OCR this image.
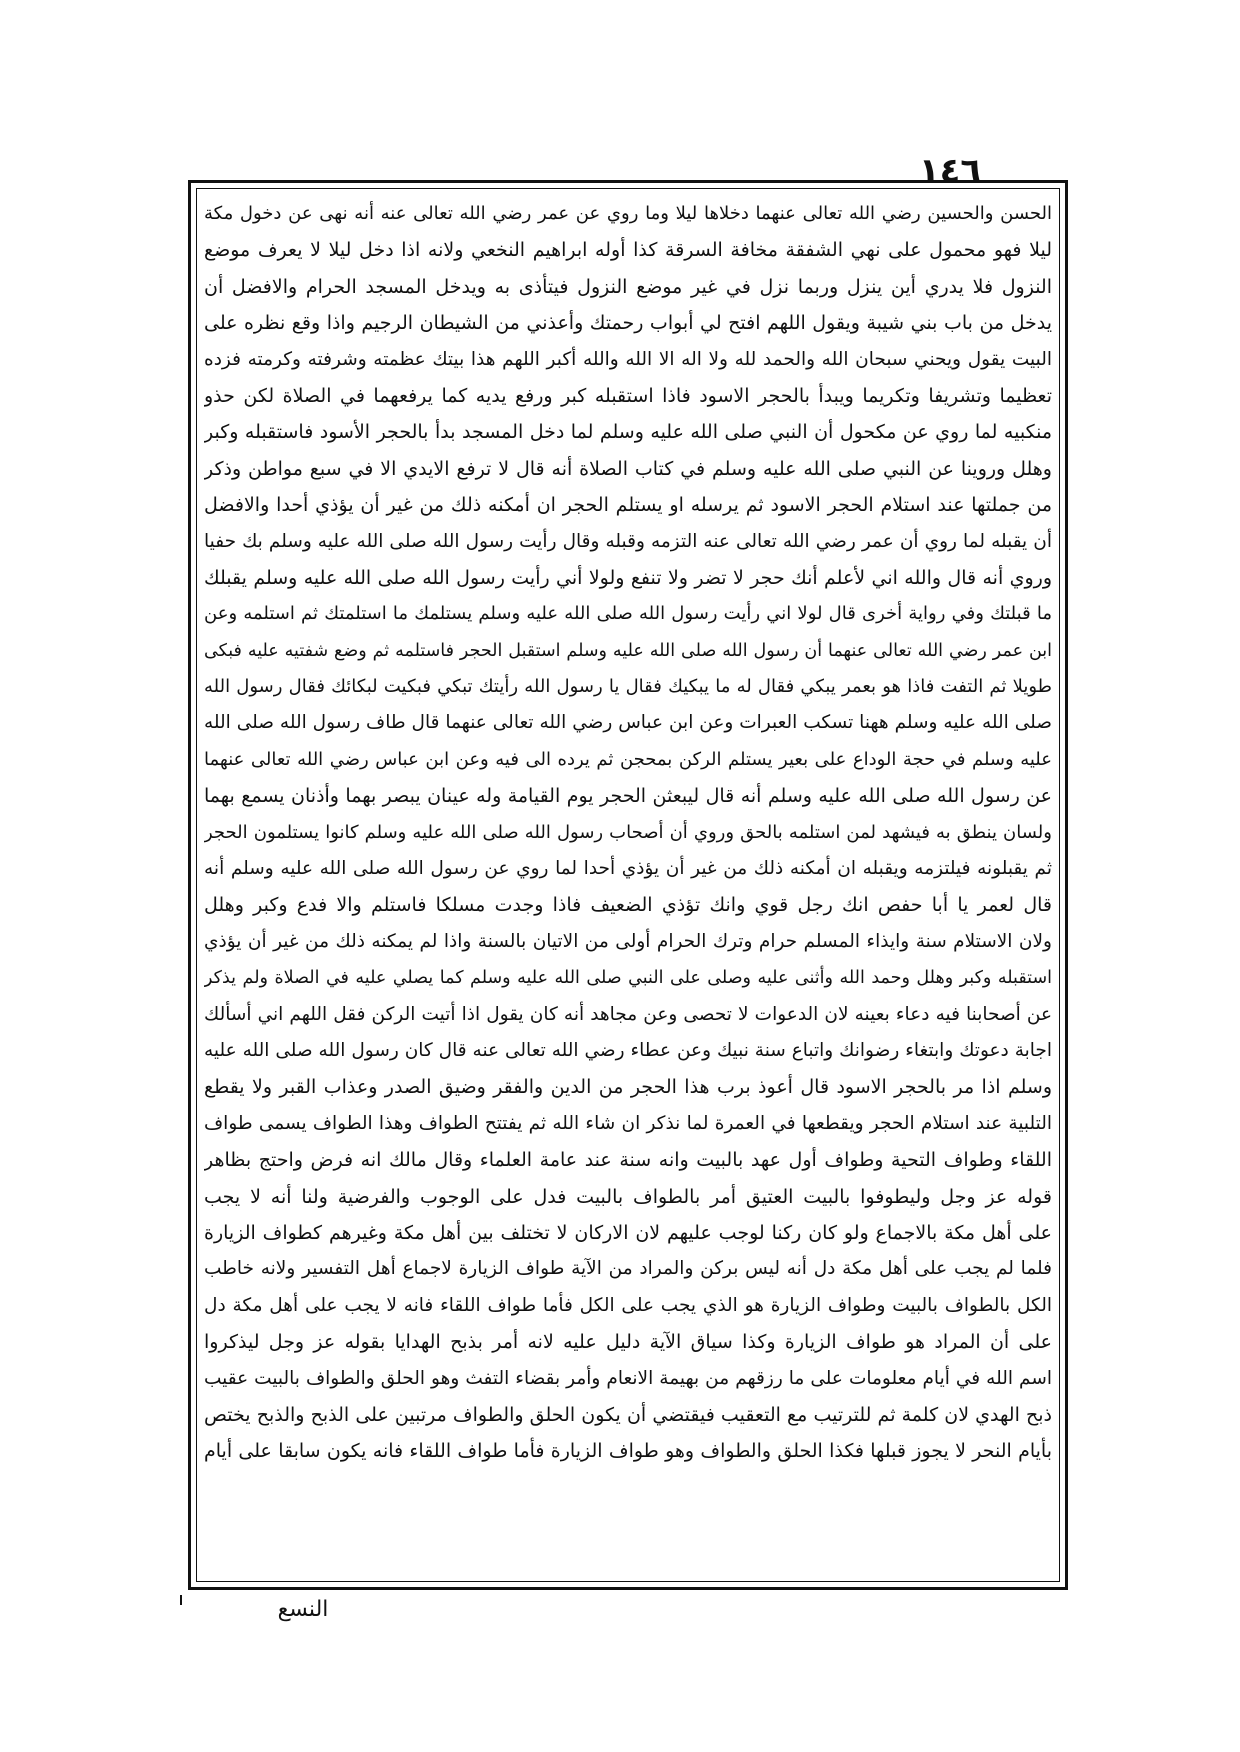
١٤٦
الحسن والحسين رضي الله تعالى عنهما دخلاها ليلا وما روي عن عمر رضي الله تعالى عنه أنه نهى عن دخول مكة
ليلا فهو محمول على نهي الشفقة مخافة السرقة كذا أوله ابراهيم النخعي ولانه اذا دخل ليلا لا يعرف موضع
النزول فلا يدري أين ينزل وربما نزل في غير موضع النزول فيتأذى به ويدخل المسجد الحرام والافضل أن
يدخل من باب بني شيبة ويقول اللهم افتح لي أبواب رحمتك وأعذني من الشيطان الرجيم واذا وقع نظره على
البيت يقول ويحني سبحان الله والحمد لله ولا اله الا الله والله أكبر اللهم هذا بيتك عظمته وشرفته وكرمته فزده
تعظيما وتشريفا وتكريما ويبدأ بالحجر الاسود فاذا استقبله كبر ورفع يديه كما يرفعهما في الصلاة لكن حذو
منكبيه لما روي عن مكحول أن النبي صلى الله عليه وسلم لما دخل المسجد بدأ بالحجر الأسود فاستقبله وكبر
وهلل وروينا عن النبي صلى الله عليه وسلم في كتاب الصلاة أنه قال لا ترفع الايدي الا في سبع مواطن وذكر
من جملتها عند استلام الحجر الاسود ثم يرسله او يستلم الحجر ان أمكنه ذلك من غير أن يؤذي أحدا والافضل
أن يقبله لما روي أن عمر رضي الله تعالى عنه التزمه وقبله وقال رأيت رسول الله صلى الله عليه وسلم بك حفيا
وروي أنه قال والله اني لأعلم أنك حجر لا تضر ولا تنفع ولولا أني رأيت رسول الله صلى الله عليه وسلم يقبلك
ما قبلتك وفي رواية أخرى قال لولا اني رأيت رسول الله صلى الله عليه وسلم يستلمك ما استلمتك ثم استلمه وعن
ابن عمر رضي الله تعالى عنهما أن رسول الله صلى الله عليه وسلم استقبل الحجر فاستلمه ثم وضع شفتيه عليه فبكى
طويلا ثم التفت فاذا هو بعمر يبكي فقال له ما يبكيك فقال يا رسول الله رأيتك تبكي فبكيت لبكائك فقال رسول الله
صلى الله عليه وسلم ههنا تسكب العبرات وعن ابن عباس رضي الله تعالى عنهما قال طاف رسول الله صلى الله
عليه وسلم في حجة الوداع على بعير يستلم الركن بمحجن ثم يرده الى فيه وعن ابن عباس رضي الله تعالى عنهما
عن رسول الله صلى الله عليه وسلم أنه قال ليبعثن الحجر يوم القيامة وله عينان يبصر بهما وأذنان يسمع بهما
ولسان ينطق به فيشهد لمن استلمه بالحق وروي أن أصحاب رسول الله صلى الله عليه وسلم كانوا يستلمون الحجر
ثم يقبلونه فيلتزمه ويقبله ان أمكنه ذلك من غير أن يؤذي أحدا لما روي عن رسول الله صلى الله عليه وسلم أنه
قال لعمر يا أبا حفص انك رجل قوي وانك تؤذي الضعيف فاذا وجدت مسلكا فاستلم والا فدع وكبر وهلل
ولان الاستلام سنة وايذاء المسلم حرام وترك الحرام أولى من الاتيان بالسنة واذا لم يمكنه ذلك من غير أن يؤذي
استقبله وكبر وهلل وحمد الله وأثنى عليه وصلى على النبي صلى الله عليه وسلم كما يصلي عليه في الصلاة ولم يذكر
عن أصحابنا فيه دعاء بعينه لان الدعوات لا تحصى وعن مجاهد أنه كان يقول اذا أتيت الركن فقل اللهم اني أسألك
اجابة دعوتك وابتغاء رضوانك واتباع سنة نبيك وعن عطاء رضي الله تعالى عنه قال كان رسول الله صلى الله عليه
وسلم اذا مر بالحجر الاسود قال أعوذ برب هذا الحجر من الدين والفقر وضيق الصدر وعذاب القبر ولا يقطع
التلبية عند استلام الحجر ويقطعها في العمرة لما نذكر ان شاء الله ثم يفتتح الطواف وهذا الطواف يسمى طواف
اللقاء وطواف التحية وطواف أول عهد بالبيت وانه سنة عند عامة العلماء وقال مالك انه فرض واحتج بظاهر
قوله عز وجل وليطوفوا بالبيت العتيق أمر بالطواف بالبيت فدل على الوجوب والفرضية ولنا أنه لا يجب
على أهل مكة بالاجماع ولو كان ركنا لوجب عليهم لان الاركان لا تختلف بين أهل مكة وغيرهم كطواف الزيارة
فلما لم يجب على أهل مكة دل أنه ليس بركن والمراد من الآية طواف الزيارة لاجماع أهل التفسير ولانه خاطب
الكل بالطواف بالبيت وطواف الزيارة هو الذي يجب على الكل فأما طواف اللقاء فانه لا يجب على أهل مكة دل
على أن المراد هو طواف الزيارة وكذا سياق الآية دليل عليه لانه أمر بذبح الهدايا بقوله عز وجل ليذكروا
اسم الله في أيام معلومات على ما رزقهم من بهيمة الانعام وأمر بقضاء التفث وهو الحلق والطواف بالبيت عقيب
ذبح الهدي لان كلمة ثم للترتيب مع التعقيب فيقتضي أن يكون الحلق والطواف مرتبين على الذبح والذبح يختص
بأيام النحر لا يجوز قبلها فكذا الحلق والطواف وهو طواف الزيارة فأما طواف اللقاء فانه يكون سابقا على أيام
النسع
